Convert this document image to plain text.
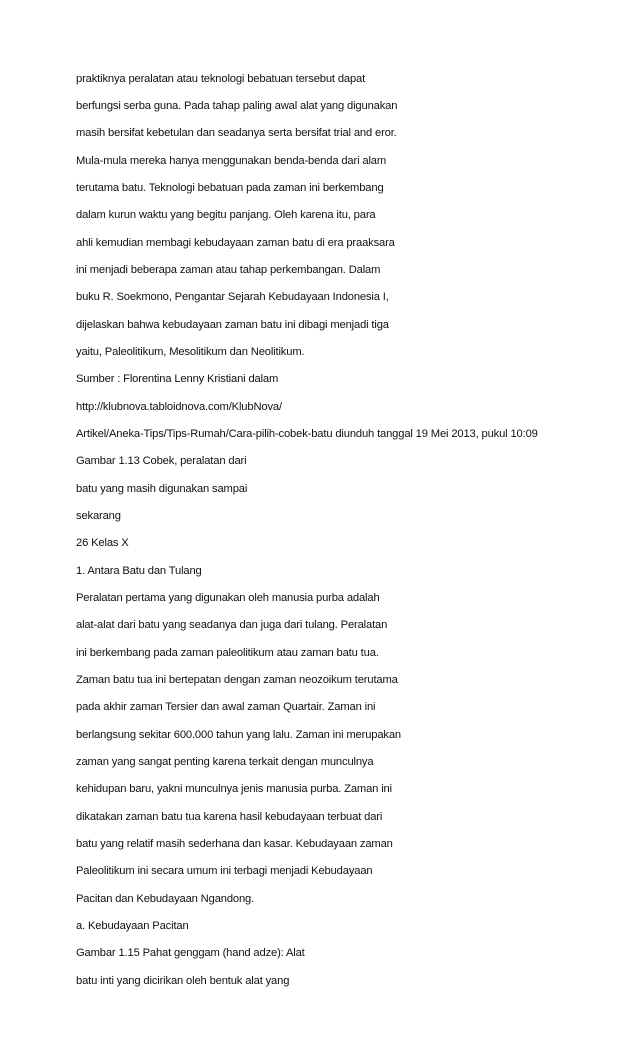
praktiknya peralatan atau teknologi bebatuan tersebut dapat

berfungsi serba guna. Pada tahap paling awal alat yang digunakan

masih bersifat kebetulan dan seadanya serta bersifat trial and eror.

Mula-mula mereka hanya menggunakan benda-benda dari alam

terutama batu. Teknologi bebatuan pada zaman ini berkembang

dalam kurun waktu yang begitu panjang. Oleh karena itu, para

ahli kemudian membagi kebudayaan zaman batu di era praaksara

ini menjadi beberapa zaman atau tahap perkembangan. Dalam

buku R. Soekmono, Pengantar Sejarah Kebudayaan Indonesia I,

dijelaskan bahwa kebudayaan zaman batu ini dibagi menjadi tiga

yaitu, Paleolitikum, Mesolitikum dan Neolitikum.

Sumber : Florentina Lenny Kristiani dalam

http://klubnova.tabloidnova.com/KlubNova/

Artikel/Aneka-Tips/Tips-Rumah/Cara-pilih-cobek-batu diunduh tanggal 19 Mei 2013, pukul 10:09

Gambar 1.13 Cobek, peralatan dari

batu yang masih digunakan sampai

sekarang

26 Kelas X

1. Antara Batu dan Tulang

Peralatan pertama yang digunakan oleh manusia purba adalah

alat-alat dari batu yang seadanya dan juga dari tulang. Peralatan

ini berkembang pada zaman paleolitikum atau zaman batu tua.

Zaman batu tua ini bertepatan dengan zaman neozoikum terutama

pada akhir zaman Tersier dan awal zaman Quartair. Zaman ini

berlangsung sekitar 600.000 tahun yang lalu. Zaman ini merupakan

zaman yang sangat penting karena terkait dengan munculnya

kehidupan baru, yakni munculnya jenis manusia purba. Zaman ini

dikatakan zaman batu tua karena hasil kebudayaan terbuat dari

batu yang relatif masih sederhana dan kasar. Kebudayaan zaman

Paleolitikum ini secara umum ini terbagi menjadi Kebudayaan

Pacitan dan Kebudayaan Ngandong.

a. Kebudayaan Pacitan

Gambar 1.15 Pahat genggam (hand adze): Alat

batu inti yang dicirikan oleh bentuk alat yang
